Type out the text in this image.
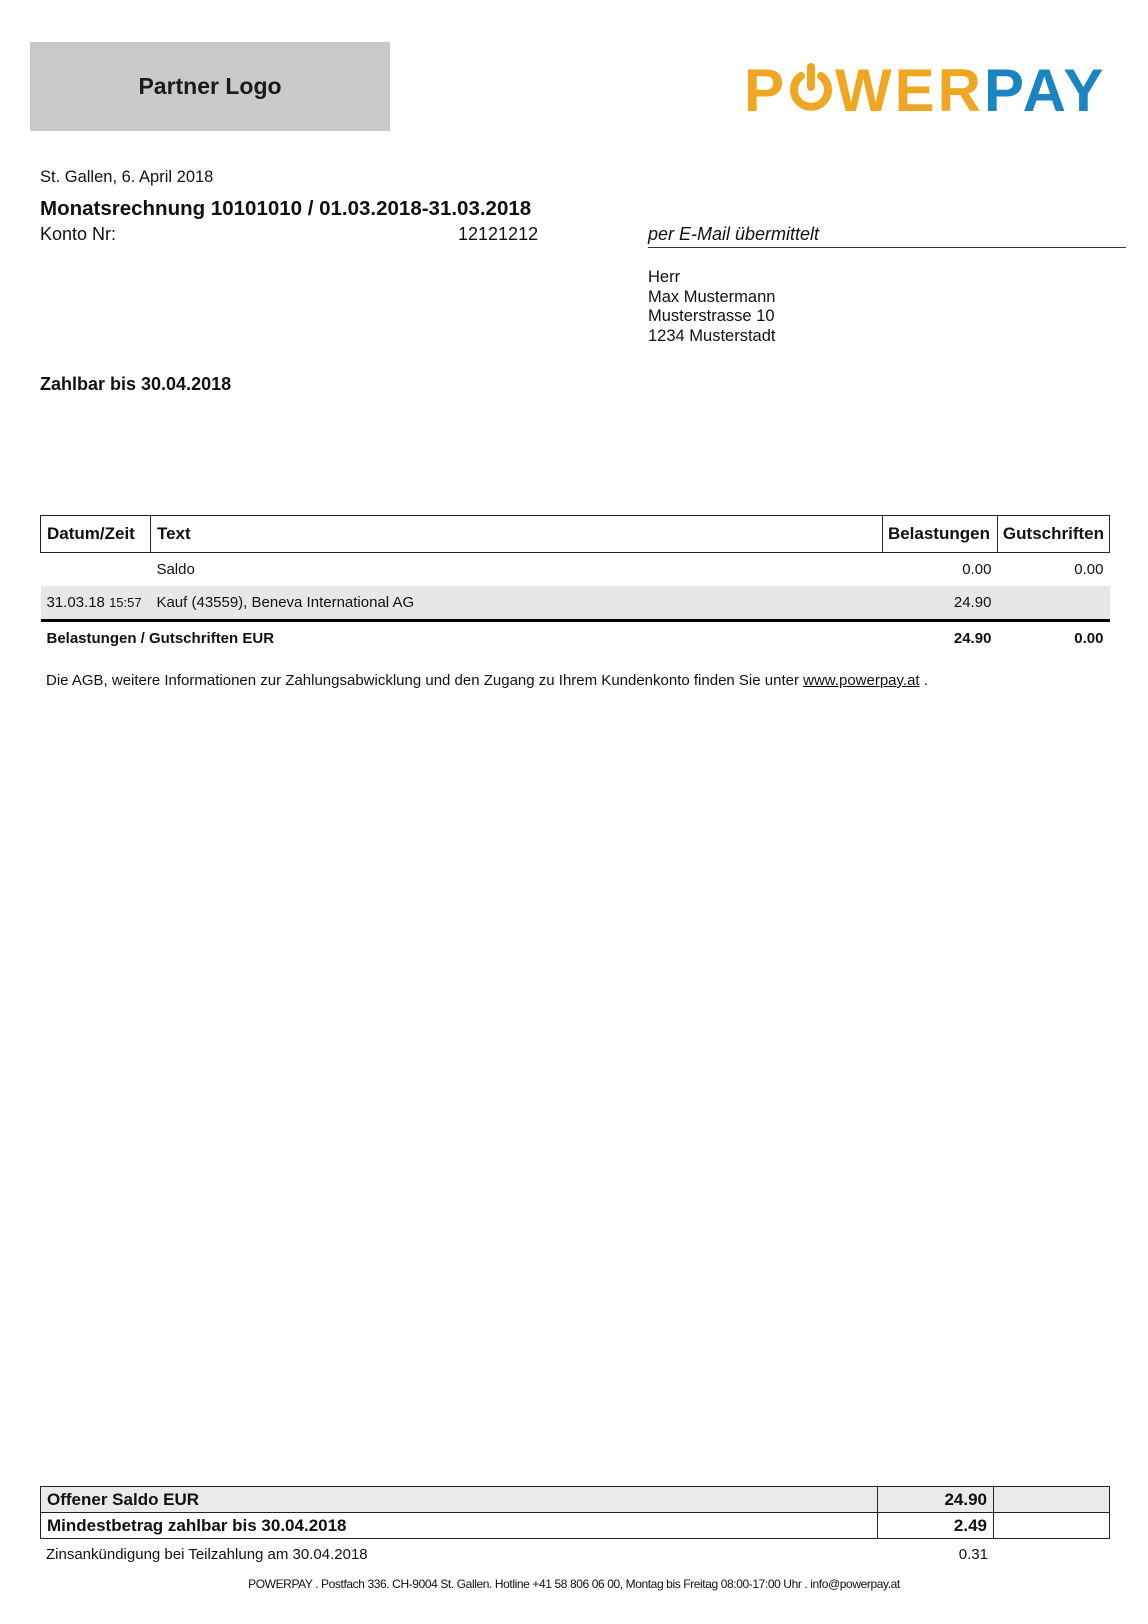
Partner Logo	P WERPAY
St. Gallen, 6. April 2018
Monatsrechnung 10101010 / 01.03.2018-31.03.2018
Konto Nr:	12121212	per E-Mail übermittelt
Herr
Max Mustermann
Musterstrasse 10
1234 Musterstadt
Zahlbar bis 30.04.2018
Datum/Zeit	Text	Belastungen	Gutschriften
	Saldo	0.00	0.00
31.03.18 15:57	Kauf (43559), Beneva International AG	24.90	
Belastungen / Gutschriften EUR		24.90	0.00
Die AGB, weitere Informationen zur Zahlungsabwicklung und den Zugang zu Ihrem Kundenkonto finden Sie unter www.powerpay.at .
Offener Saldo EUR	24.90	
Mindestbetrag zahlbar bis 30.04.2018	2.49	
Zinsankündigung bei Teilzahlung am 30.04.2018	0.31
POWERPAY . Postfach 336. CH-9004 St. Gallen. Hotline +41 58 806 06 00, Montag bis Freitag 08:00-17:00 Uhr . info@powerpay.at
